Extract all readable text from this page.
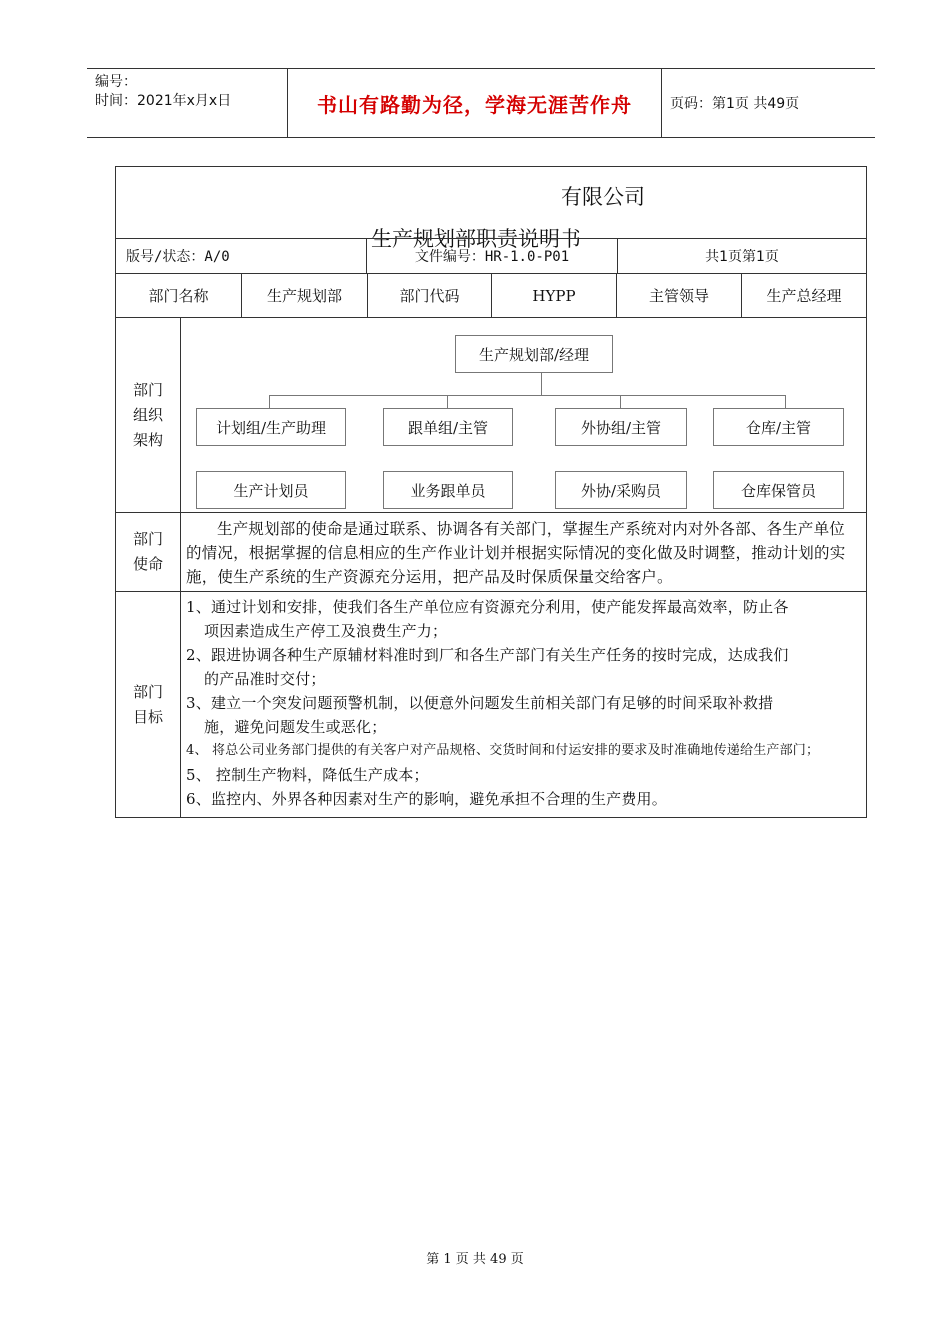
编号：
时间：2021年x月x日	书山有路勤为径，学海无涯苦作舟	页码：第1页 共49页
有限公司
生产规划部职责说明书
版号/状态：A/0	文件编号：HR-1.0-P01	共1页第1页
部门名称	生产规划部	部门代码	HYPP	主管领导	生产总经理
部门
组织
架构
生产规划部/经理
计划组/生产助理	跟单组/主管	外协组/主管	仓库/主管
生产计划员	业务跟单员	外协/采购员	仓库保管员
部门
使命
生产规划部的使命是通过联系、协调各有关部门，掌握生产系统对内对外各部、各生产单位的情况，根据掌握的信息相应的生产作业计划并根据实际情况的变化做及时调整，推动计划的实施，使生产系统的生产资源充分运用，把产品及时保质保量交给客户。
部门
目标
1、通过计划和安排，使我们各生产单位应有资源充分利用，使产能发挥最高效率，防止各
项因素造成生产停工及浪费生产力；
2、跟进协调各种生产原辅材料准时到厂和各生产部门有关生产任务的按时完成，达成我们
的产品准时交付；
3、建立一个突发问题预警机制，以便意外问题发生前相关部门有足够的时间采取补救措
施，避免问题发生或恶化；
4、 将总公司业务部门提供的有关客户对产品规格、交货时间和付运安排的要求及时准确地传递给生产部门；
5、 控制生产物料，降低生产成本；
6、监控内、外界各种因素对生产的影响，避免承担不合理的生产费用。
第 1 页 共 49 页
